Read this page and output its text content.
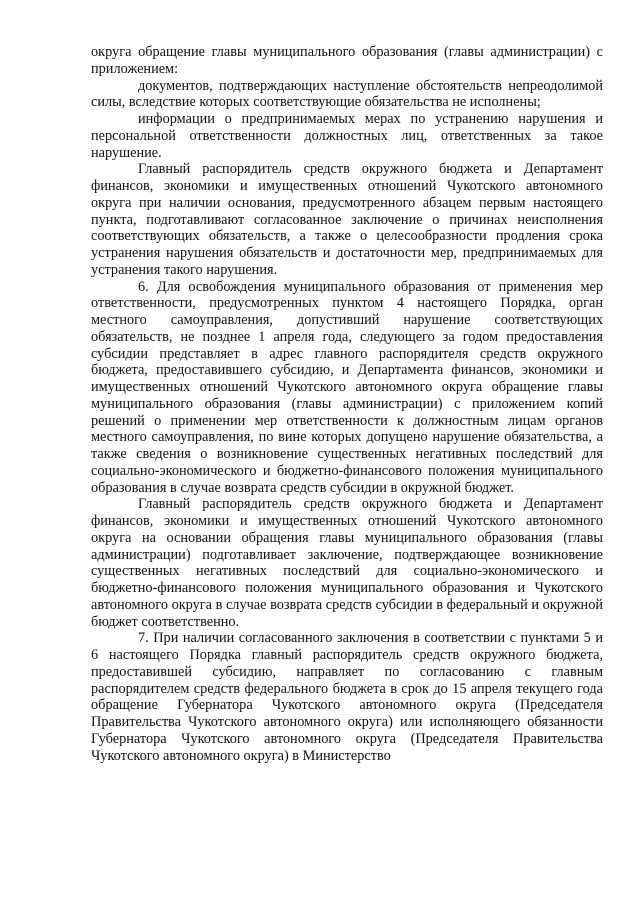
округа обращение главы муниципального образования (главы администрации) с приложением:

документов, подтверждающих наступление обстоятельств непреодолимой силы, вследствие которых соответствующие обязательства не исполнены;

информации о предпринимаемых мерах по устранению нарушения и персональной ответственности должностных лиц, ответственных за такое нарушение.

Главный распорядитель средств окружного бюджета и Департамент финансов, экономики и имущественных отношений Чукотского автономного округа при наличии основания, предусмотренного абзацем первым настоящего пункта, подготавливают согласованное заключение о причинах неисполнения соответствующих обязательств, а также о целесообразности продления срока устранения нарушения обязательств и достаточности мер, предпринимаемых для устранения такого нарушения.

6. Для освобождения муниципального образования от применения мер ответственности, предусмотренных пунктом 4 настоящего Порядка, орган местного самоуправления, допустивший нарушение соответствующих обязательств, не позднее 1 апреля года, следующего за годом предоставления субсидии представляет в адрес главного распорядителя средств окружного бюджета, предоставившего субсидию, и Департамента финансов, экономики и имущественных отношений Чукотского автономного округа обращение главы муниципального образования (главы администрации) с приложением копий решений о применении мер ответственности к должностным лицам органов местного самоуправления, по вине которых допущено нарушение обязательства, а также сведения о возникновение существенных негативных последствий для социально-экономического и бюджетно-финансового положения муниципального образования в случае возврата средств субсидии в окружной бюджет.

Главный распорядитель средств окружного бюджета и Департамент финансов, экономики и имущественных отношений Чукотского автономного округа на основании обращения главы муниципального образования (главы администрации) подготавливает заключение, подтверждающее возникновение существенных негативных последствий для социально-экономического и бюджетно-финансового положения муниципального образования и Чукотского автономного округа в случае возврата средств субсидии в федеральный и окружной бюджет соответственно.

7. При наличии согласованного заключения в соответствии с пунктами 5 и 6 настоящего Порядка главный распорядитель средств окружного бюджета, предоставившей субсидию, направляет по согласованию с главным распорядителем средств федерального бюджета в срок до 15 апреля текущего года обращение Губернатора Чукотского автономного округа (Председателя Правительства Чукотского автономного округа) или исполняющего обязанности Губернатора Чукотского автономного округа (Председателя Правительства Чукотского автономного округа) в Министерство
